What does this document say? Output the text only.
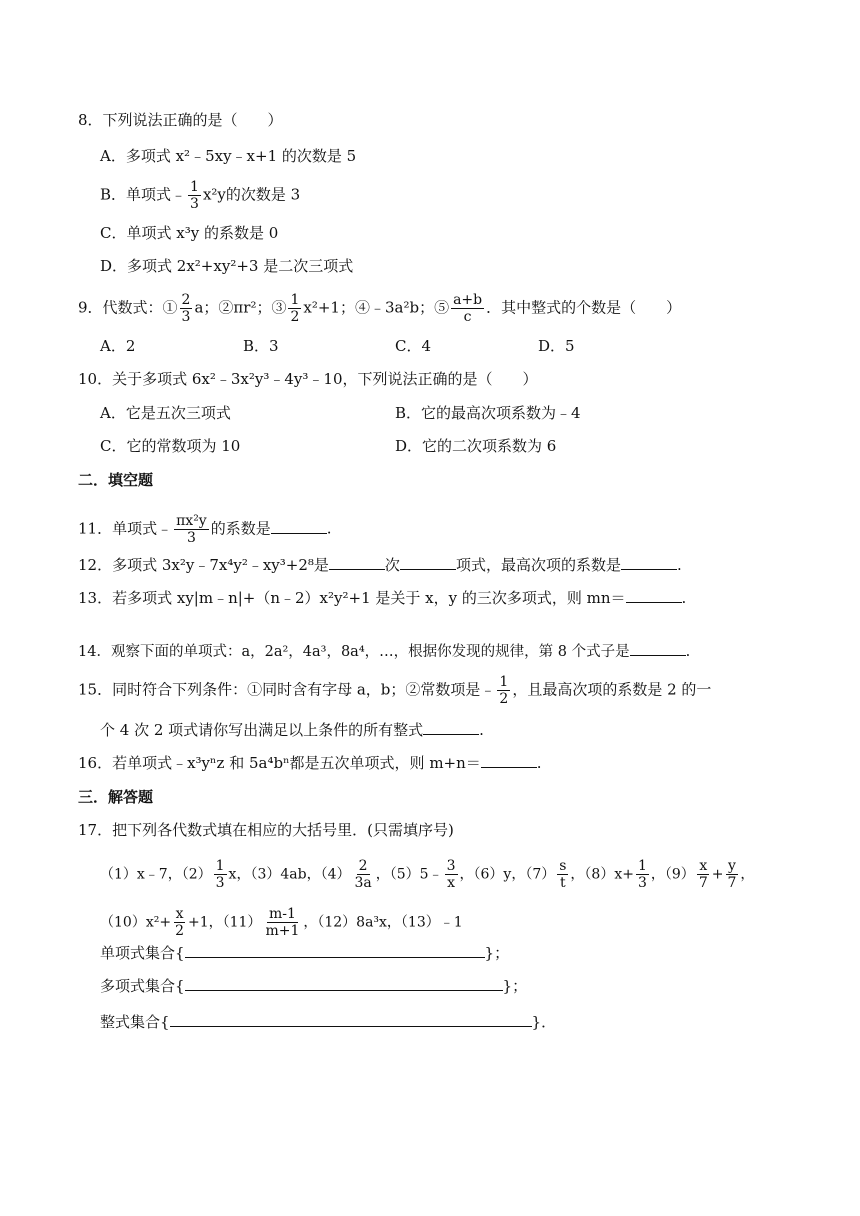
8．下列说法正确的是（　　）
A．多项式 x²﹣5xy﹣x+1 的次数是 5
B．单项式﹣ $\frac{1}{3} x^2y$的次数是 3
C．单项式 x³y 的系数是 0
D．多项式 2x²+xy²+3 是二次三项式
9．代数式：① $\frac{2}{3}$ a；②πr²；③ $\frac{1}{2} x^2+1$；④﹣3a²b；⑤ $\frac{a+b}{c}$ ．其中整式的个数是（　　）
A．2	B．3	C．4	D．5
10．关于多项式 6x²﹣3x²y³﹣4y³﹣10，下列说法正确的是（　　）
A．它是五次三项式	B．它的最高次项系数为﹣4
C．它的常数项为 10	D．它的二次项系数为 6
二．填空题
11．单项式﹣ $\frac{\text{πx²y}}{3}$ 的系数是	.
12．多项式 3x²y﹣7x⁴y²﹣xy³+2⁸是	次	项式，最高次项的系数是	.
13．若多项式 xy|m﹣n|+（n﹣2）x²y²+1 是关于 x，y 的三次多项式，则 mn＝	.
14．观察下面的单项式：a，2a²，4a³，8a⁴，…，根据你发现的规律，第 8 个式子是	.
15．同时符合下列条件：①同时含有字母 a，b；②常数项是﹣ $\frac{1}{2}$ ，且最高次项的系数是 2 的一
个 4 次 2 项式请你写出满足以上条件的所有整式	.
16．若单项式﹣x³yⁿz 和 5a⁴bⁿ都是五次单项式，则 m+n＝	.
三．解答题
17．把下列各代数式填在相应的大括号里．(只需填序号)
（1）x﹣7，$(2) \frac{1}{3}$ x，（3）4ab，$(4) \frac{2}{3a}$ ，（5）5﹣ $\frac{3}{x}$ ，（6）y，$(7) \frac{s}{t}$ ，$(8)x+ \frac{1}{3}$ ，$(9) \frac{x}{7} + \frac{y}{7}$ ，
$(10)x^2+ \frac{x}{2} +1$，$(11) \frac{m-1}{m+1}$ ，（12）8a³x，（13）﹣1
单项式集合{	}；
多项式集合{	}；
整式集合{	}．
